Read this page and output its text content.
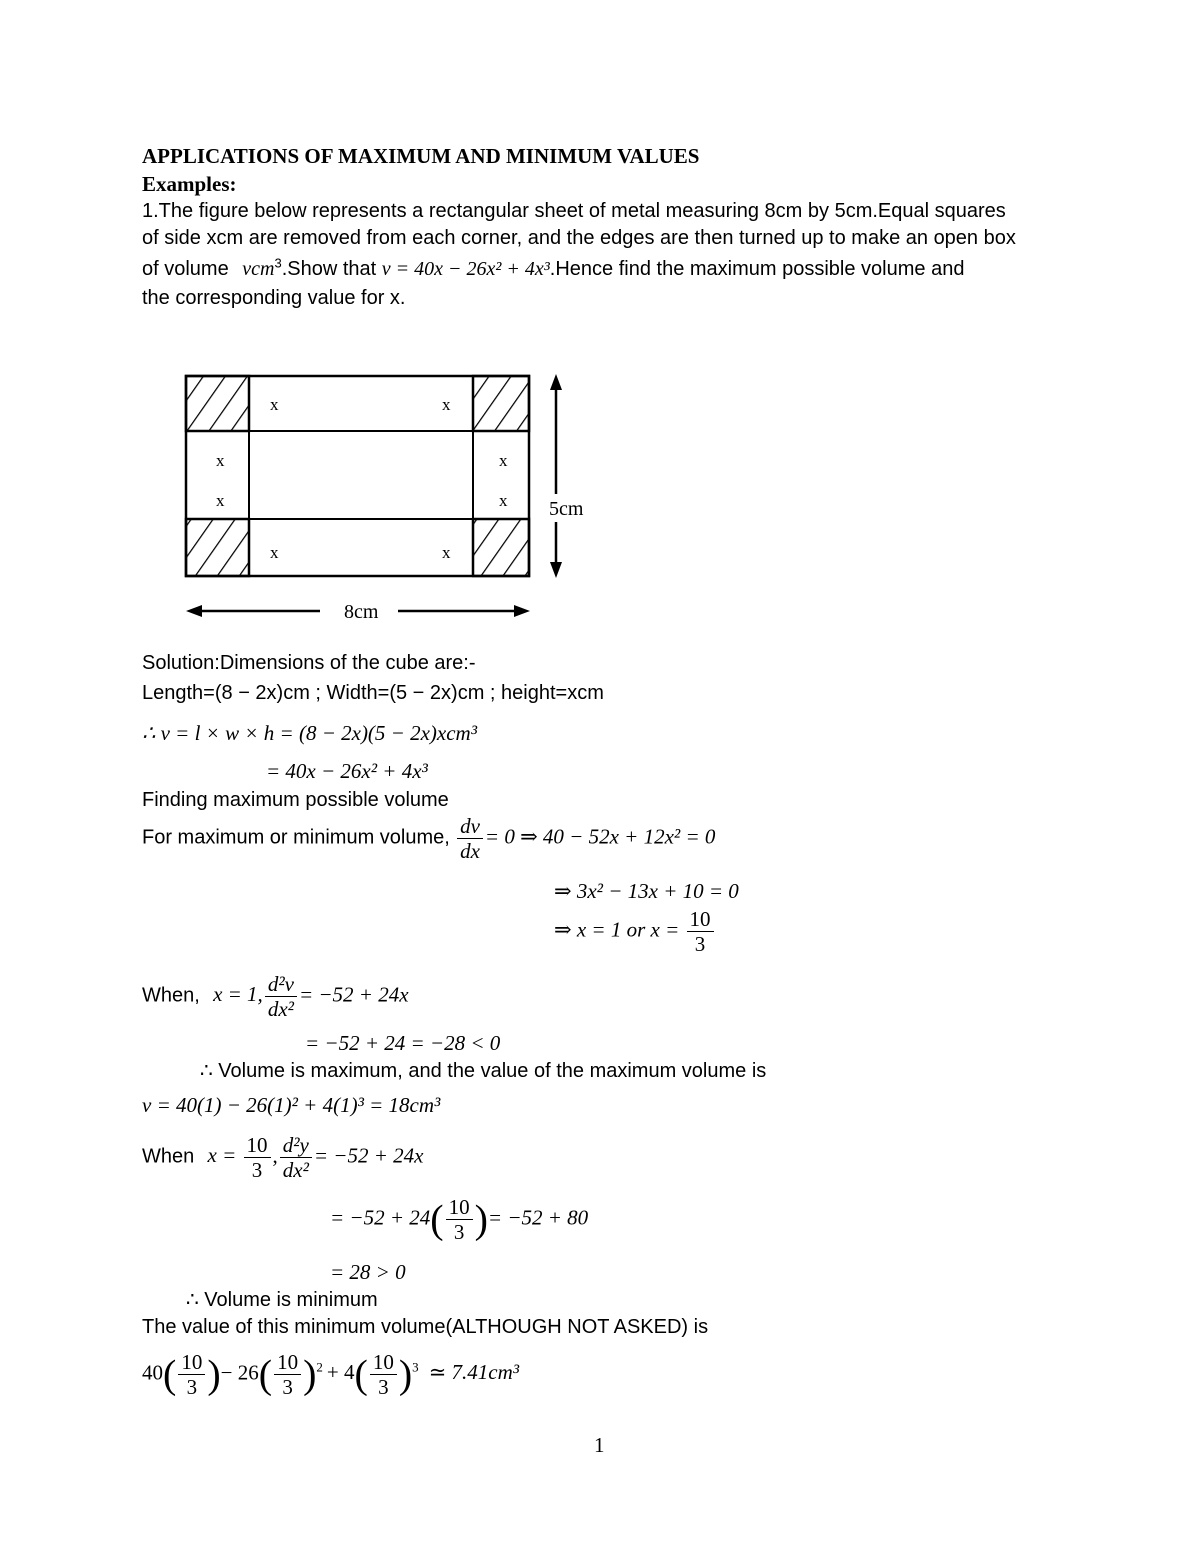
APPLICATIONS OF MAXIMUM AND MINIMUM VALUES
Examples:
1.The figure below represents a rectangular sheet of metal measuring 8cm by 5cm.Equal squares
of side xcm are removed from each corner, and the edges are then turned up to make an open box
of volume vcm$^3$.Show that v = 40x − 26x² + 4x³.Hence find the maximum possible volume and
the corresponding value for x.
x	x
x	x
x	x
x	x
5cm
8cm
Solution:Dimensions of the cube are:-
Length=(8 − 2x)cm ; Width=(5 − 2x)cm ; height=xcm
∴ v = l × w × h = (8 − 2x)(5 − 2x)xcm³
= 40x − 26x² + 4x³
Finding maximum possible volume
For maximum or minimum volume, $\frac{dv}{dx} = 0$ ⇒ 40 − 52x + 12x² = 0
⇒ 3x² − 13x + 10 = 0
⇒ x = 1 or $x = \frac{10}{3}$
When, x = 1, $\frac{\text{d²v}}{\text{dx²}} = -52 + 24x$
= −52 + 24 = −28 < 0
∴ Volume is maximum, and the value of the maximum volume is
v = 40(1) − 26(1)² + 4(1)³ = 18cm³
When $x = \frac{10}{3}$ , $\frac{\text{d²y}}{\text{dx²}} = -52 + 24x$
= $-52 + 24( \frac{10}{3}$ )= −52 + 80
= 28 > 0
∴ Volume is minimum
The value of this minimum volume(ALTHOUGH NOT ASKED) is
$40( \frac{10}{3}$ )− $26( \frac{10}{3} )^2 + 4( \frac{10}{3} )^3$ ≃ 7.41cm³
1
